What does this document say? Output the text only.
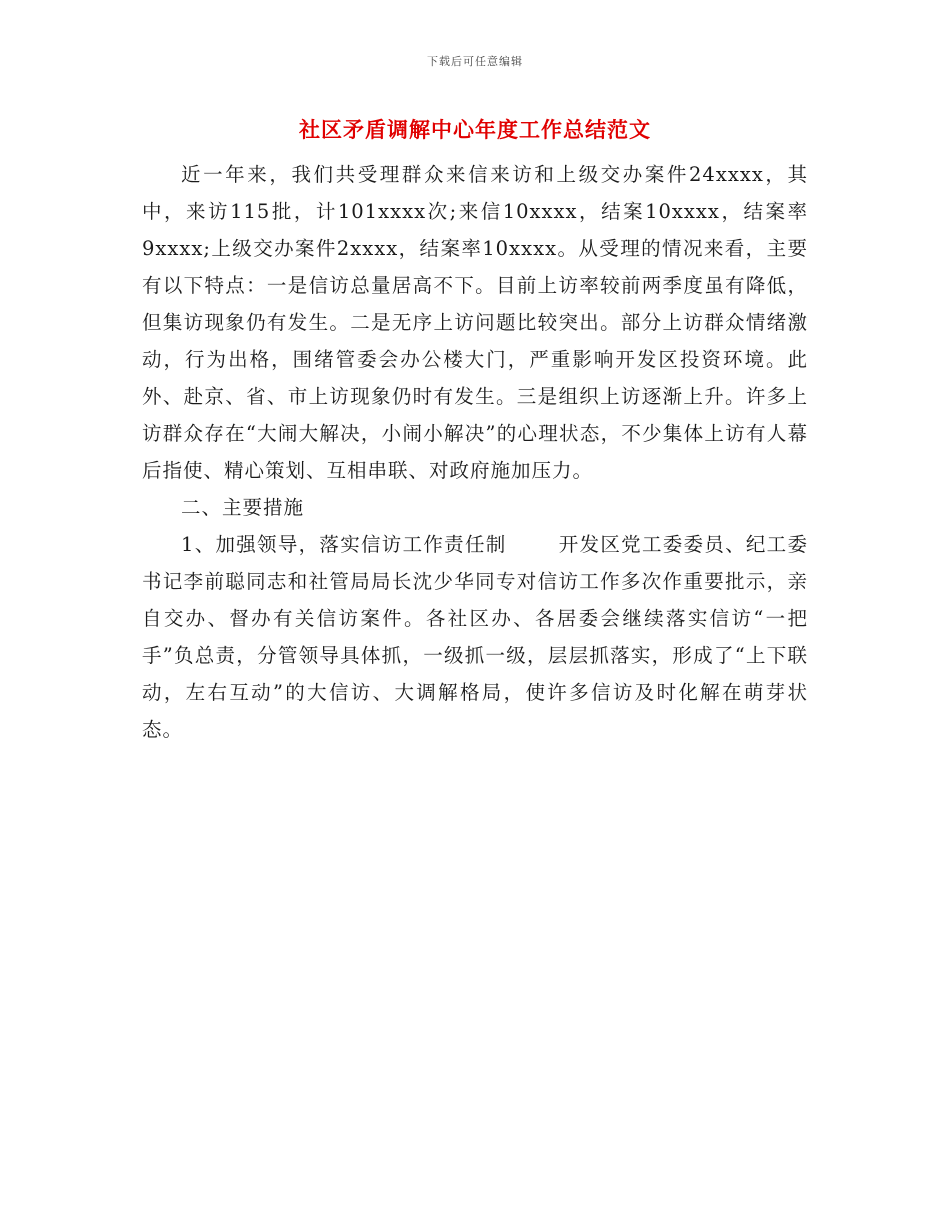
下载后可任意编辑
社区矛盾调解中心年度工作总结范文

近一年来，我们共受理群众来信来访和上级交办案件24xxxx，其中，来访115批，计101xxxx次;来信10xxxx，结案10xxxx，结案率9xxxx;上级交办案件2xxxx，结案率10xxxx。从受理的情况来看，主要有以下特点：一是信访总量居高不下。目前上访率较前两季度虽有降低，但集访现象仍有发生。二是无序上访问题比较突出。部分上访群众情绪激动，行为出格，围绪管委会办公楼大门，严重影响开发区投资环境。此外、赴京、省、市上访现象仍时有发生。三是组织上访逐渐上升。许多上访群众存在“大闹大解决，小闹小解决”的心理状态，不少集体上访有人幕后指使、精心策划、互相串联、对政府施加压力。

二、主要措施

1、加强领导，落实信访工作责任制	开发区党工委委员、纪工委书记李前聪同志和社管局局长沈少华同专对信访工作多次作重要批示，亲自交办、督办有关信访案件。各社区办、各居委会继续落实信访“一把手”负总责，分管领导具体抓，一级抓一级，层层抓落实，形成了“上下联动，左右互动”的大信访、大调解格局，使许多信访及时化解在萌芽状态。
